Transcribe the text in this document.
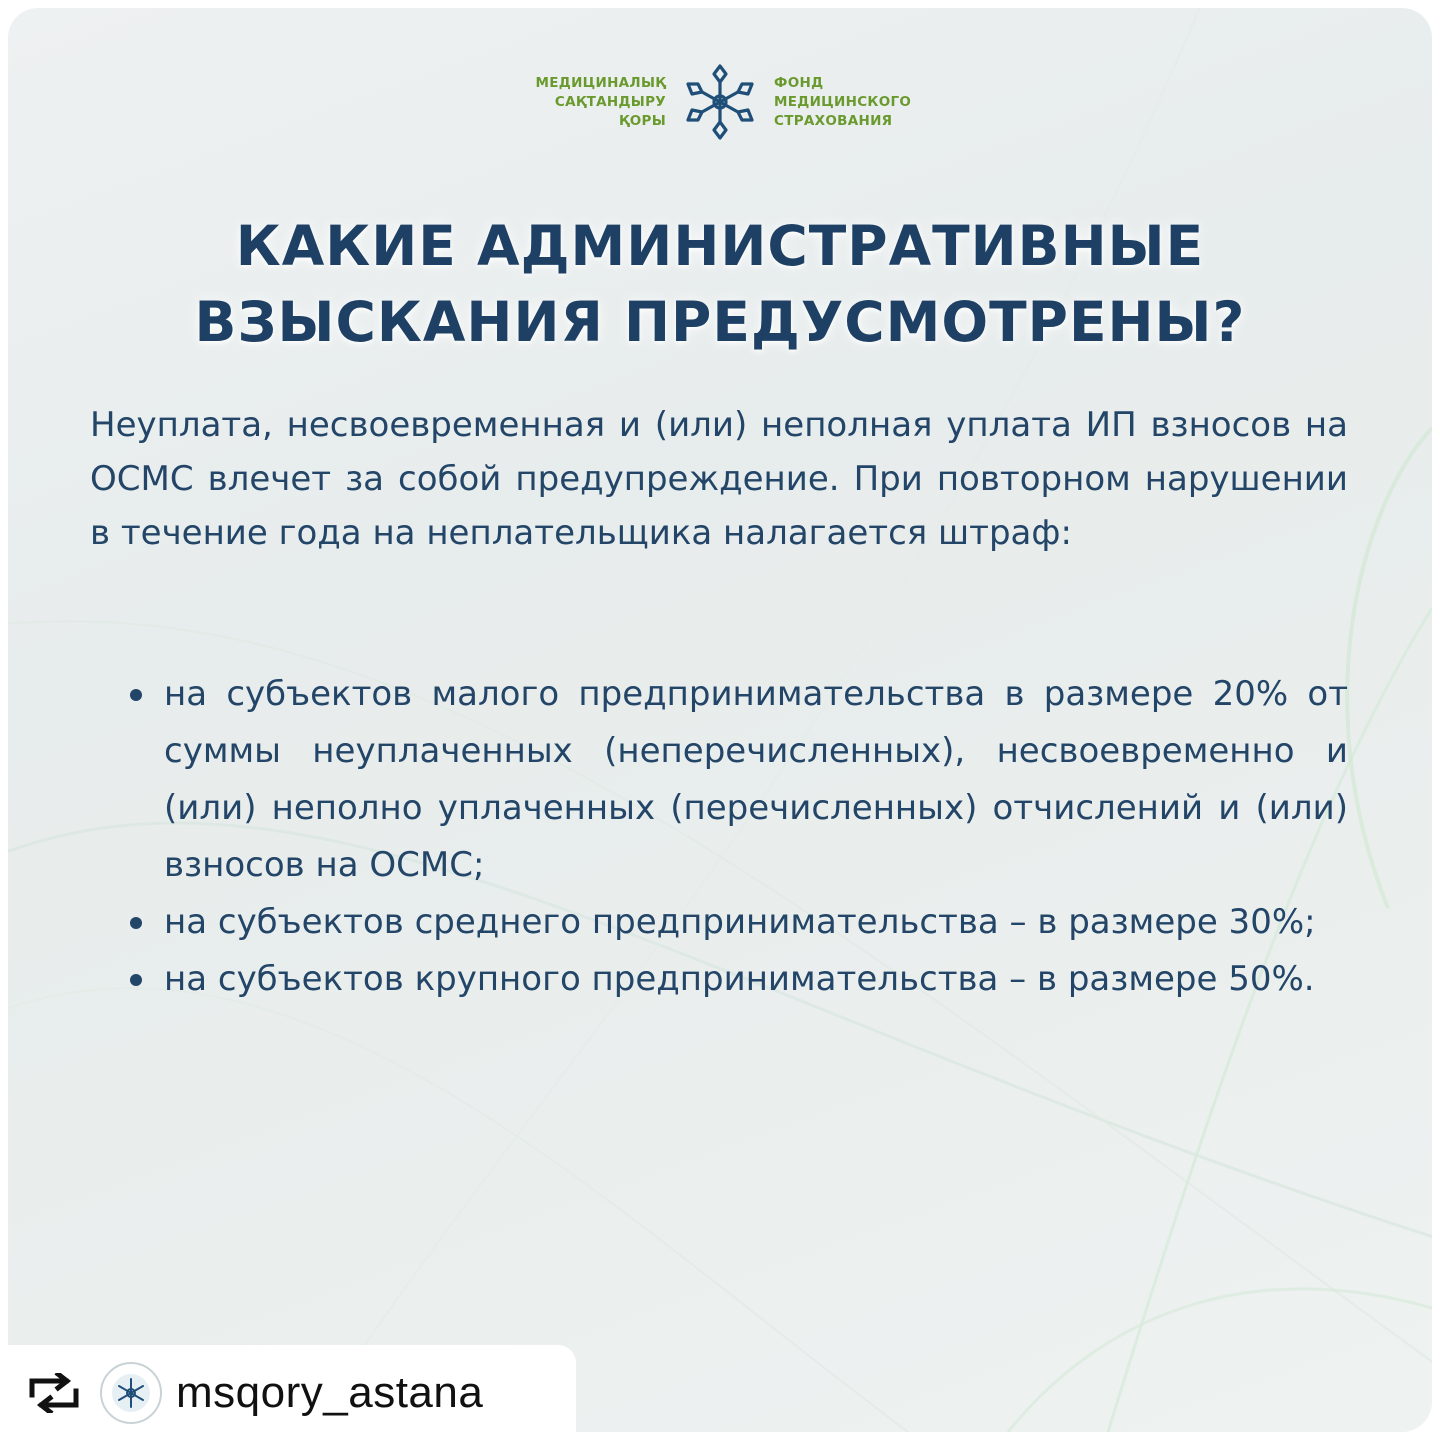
МЕДИЦИНАЛЫҚ
САҚТАНДЫРУ
ҚОРЫ
ФОНД
МЕДИЦИНСКОГО
СТРАХОВАНИЯ
КАКИЕ АДМИНИСТРАТИВНЫЕ
ВЗЫСКАНИЯ ПРЕДУСМОТРЕНЫ?

Неуплата, несвоевременная и (или) неполная уплата ИП взносов на ОСМС влечет за собой предупреждение. При повторном нарушении в течение года на неплательщика налагается штраф:

на субъектов малого предпринимательства в размере 20% от суммы неуплаченных (неперечисленных), несвоевременно и (или) неполно уплаченных (перечисленных) отчислений и (или) взносов на ОСМС;
на субъектов среднего предпринимательства – в размере 30%;
на субъектов крупного предпринимательства – в размере 50%.
msqory_astana
